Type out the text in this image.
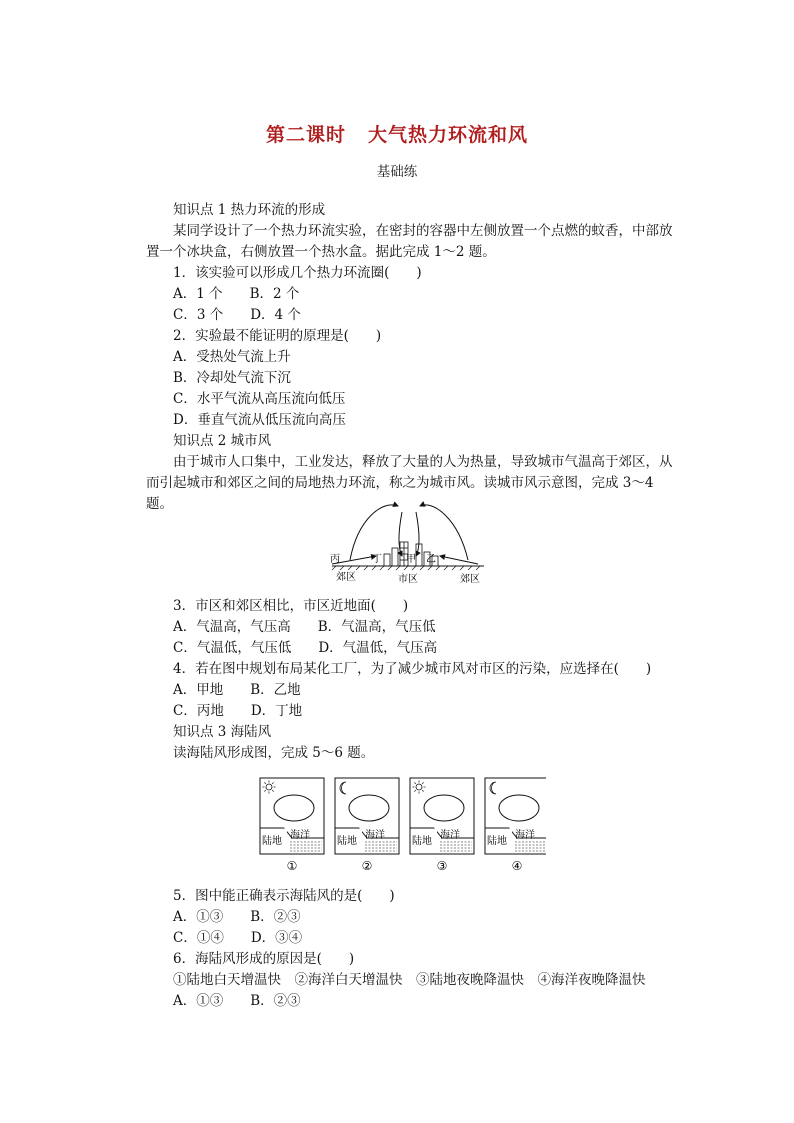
第二课时 大气热力环流和风
基础练
知识点 1 热力环流的形成
某同学设计了一个热力环流实验，在密封的容器中左侧放置一个点燃的蚊香，中部放置一个冰块盒，右侧放置一个热水盒。据此完成 1～2 题。
1．该实验可以形成几个热力环流圈(　　)
A．1 个　　B．2 个
C．3 个　　D．4 个
2．实验最不能证明的原理是(　　)
A．受热处气流上升
B．冷却处气流下沉
C．水平气流从高压流向低压
D．垂直气流从低压流向高压
知识点 2 城市风
由于城市人口集中，工业发达，释放了大量的人为热量，导致城市气温高于郊区，从而引起城市和郊区之间的局地热力环流，称之为城市风。读城市风示意图，完成 3～4 题。
丙	丁 甲 乙
郊区	市区	郊区
3．市区和郊区相比，市区近地面(　　)
A．气温高，气压高　　B．气温高，气压低
C．气温低，气压低　　D．气温低，气压高
4．若在图中规划布局某化工厂，为了减少城市风对市区的污染，应选择在(　　)
A．甲地　　B．乙地
C．丙地　　D．丁地
知识点 3 海陆风
读海陆风形成图，完成 5～6 题。
陆地
海洋
①
陆地
海洋
②
陆地
海洋
③
陆地
海洋
④
5．图中能正确表示海陆风的是(　　)
A．①③　　B．②③
C．①④　　D．③④
6．海陆风形成的原因是(　　)
①陆地白天增温快　②海洋白天增温快　③陆地夜晚降温快　④海洋夜晚降温快
A．①③　　B．②③
